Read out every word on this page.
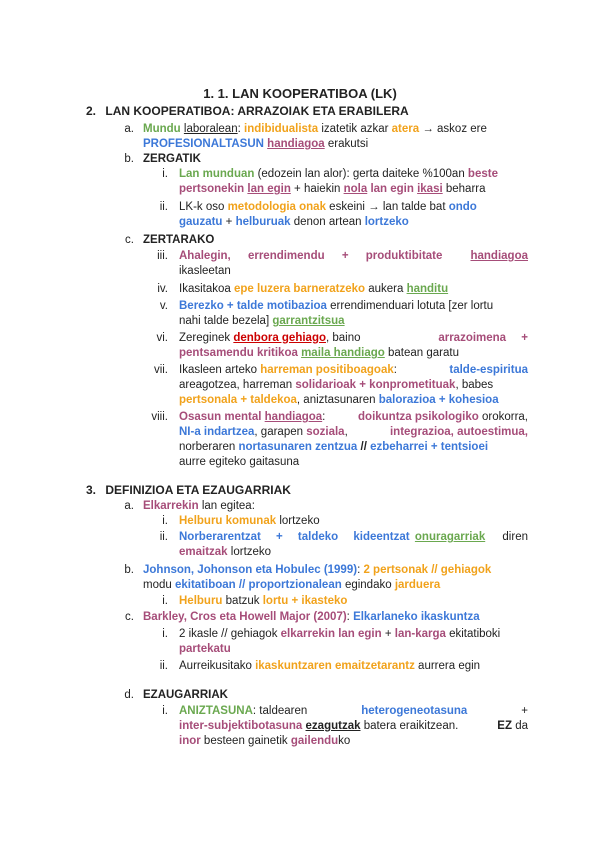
1. 1. LAN KOOPERATIBOA (LK)
2. LAN KOOPERATIBOA: ARRAZOIAK ETA ERABILERA
a. Mundu laboralean: indibidualista izatetik azkar atera → askoz ere
PROFESIONALTASUN handiagoa erakutsi
b. ZERGATIK
i. Lan munduan (edozein lan alor): gerta daiteke %100an beste
pertsonekin lan egin + haiekin nola lan egin ikasi beharra
ii. LK-k oso metodologia onak eskeini → lan talde bat ondo
gauzatu + helburuak denon artean lortzeko
c. ZERTARAKO
iii. Ahalegin, errendimendu + produktibitate handiagoa
ikasleetan
iv. Ikasitakoa epe luzera barneratzeko aukera handitu
v. Berezko + talde motibazioa errendimenduari lotuta [zer lortu
nahi talde bezela] garrantzitsua
vi. Zereginek denbora gehiago, baino	arrazoimena +
pentsamendu kritikoa maila handiago batean garatu
vii. Ikasleen arteko harreman positiboagoak:	talde-espiritua
areagotzea, harreman solidarioak + konprometituak, babes
pertsonala + taldekoa, aniztasunaren balorazioa + kohesioa
viii. Osasun mental handiagoa:	doikuntza psikologiko orokorra,
NI-a indartzea, garapen soziala,	integrazioa, autoestimua,
norberaren nortasunaren zentzua // ezbeharrei + tentsioei
aurre egiteko gaitasuna
3. DEFINIZIOA ETA EZAUGARRIAK
a. Elkarrekin lan egitea:
i. Helburu komunak lortzeko
ii. Norberarentzat + taldeko kideentzat onuragarriak diren
emaitzak lortzeko
b. Johnson, Johonson eta Hobulec (1999): 2 pertsonak // gehiagok
modu ekitatiboan // proportzionalean egindako jarduera
i. Helburu batzuk lortu + ikasteko
c. Barkley, Cros eta Howell Major (2007): Elkarlaneko ikaskuntza
i. 2 ikasle // gehiagok elkarrekin lan egin + lan-karga ekitatiboki
partekatu
ii. Aurreikusitako ikaskuntzaren emaitzetarantz aurrera egin
d. EZAUGARRIAK
i. ANIZTASUNA: taldearen	heterogeneotasuna	+
inter-subjektibotasuna ezagutzak batera eraikitzean.	EZ da
inor besteen gainetik gailenduko
